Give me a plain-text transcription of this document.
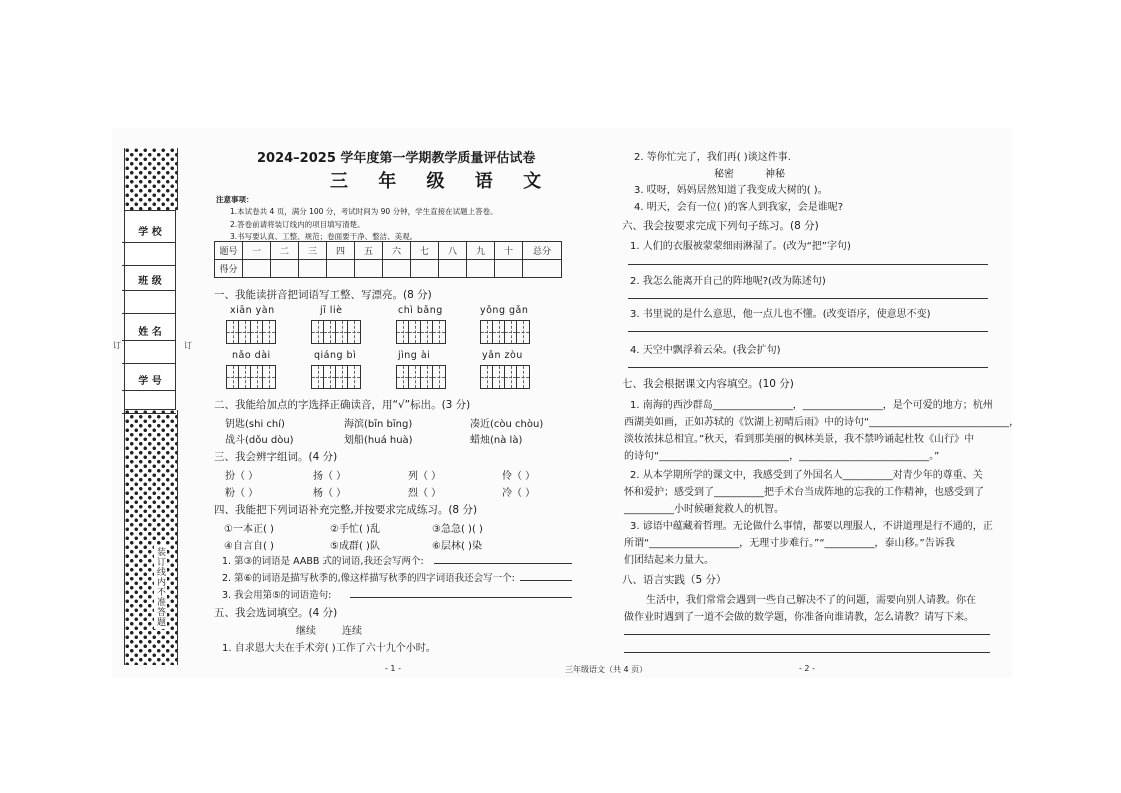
学 校
班 级
姓 名
学 号
装订线内不准答题
订	订
2024–2025 学年度第一学期教学质量评估试卷
三 年 级 语 文
注意事项：
1.本试卷共 4 页，满分 100 分，考试时间为 90 分钟，学生直接在试题上答卷。
2.答卷前请将装订线内的项目填写清楚。
3.书写要认真、工整、规范；卷面要干净、整洁、美观。
题号	一	二	三	四	五	六	七	八	九	十	总分
得分											
一、我能读拼音把词语写工整、写漂亮。(8 分)
xiān yàn	jī liè	chì bǎng	yǒng gǎn
nǎo dài	qiáng bì	jìng ài	yǎn zòu
二、我能给加点的字选择正确读音，用“√”标出。(3 分)
钥匙(shi chí)	海滨(bīn bīng)	凑近(còu chòu)
战斗(dǒu dòu)	划船(huá huà)	蜡烛(nà là)
三、我会辨字组词。(4 分)
扮（ ）	扬（ ）	列（ ）	伶（ ）
粉（ ）	杨（ ）	烈（ ）	冷（ ）
四、我能把下列词语补充完整,并按要求完成练习。(8 分)
①一本正( )	②手忙( )乱	③急急( )( )
④自言自( )	⑤成群( )队	⑥层林( )染
1. 第③的词语是 AABB 式的词语,我还会写两个:
2. 第⑥的词语是描写秋季的,像这样描写秋季的四字词语我还会写一个:
3. 我会用第⑤的词语造句:
五、我会选词填空。(4 分)
继续	连续
1. 自求恩大夫在手术旁( )工作了六十九个小时。
2. 等你忙完了，我们再( )谈这件事.
秘密	神秘
3. 哎呀，妈妈居然知道了我变成大树的( )。
4. 明天，会有一位( )的客人到我家，会是谁呢?
六、我会按要求完成下列句子练习。(8 分)
1. 人们的衣服被蒙蒙细雨淋湿了。(改为“把”字句)
2. 我怎么能离开自己的阵地呢?(改为陈述句)
3. 书里说的是什么意思，他一点儿也不懂。(改变语序，使意思不变)
4. 天空中飘浮着云朵。(我会扩句)
七、我会根据课文内容填空。(10 分)
1. 南海的西沙群岛________________，________________，是个可爱的地方；杭州
西湖美如画，正如苏轼的《饮湖上初晴后雨》中的诗句“____________________________，
淡妆浓抹总相宜。”秋天，看到那美丽的枫林美景，我不禁吟诵起杜牧《山行》中
的诗句“__________________________，__________________________。”
2. 从本学期所学的课文中，我感受到了外国名人__________对青少年的尊重、关
怀和爱护；感受到了__________把手术台当成阵地的忘我的工作精神，也感受到了
__________小时候砸瓮救人的机智。
3. 谚语中蕴藏着哲理。无论做什么事情，都要以理服人，不讲道理是行不通的，正
所谓“__________________，无理寸步难行。”“__________，泰山移。”告诉我
们团结起来力量大。
八、语言实践（5 分）
生活中，我们常常会遇到一些自己解决不了的问题，需要向别人请教。你在
做作业时遇到了一道不会做的数学题，你准备向谁请教，怎么请教？请写下来。
- 1 -	三年级语文（共 4 页）	- 2 -
